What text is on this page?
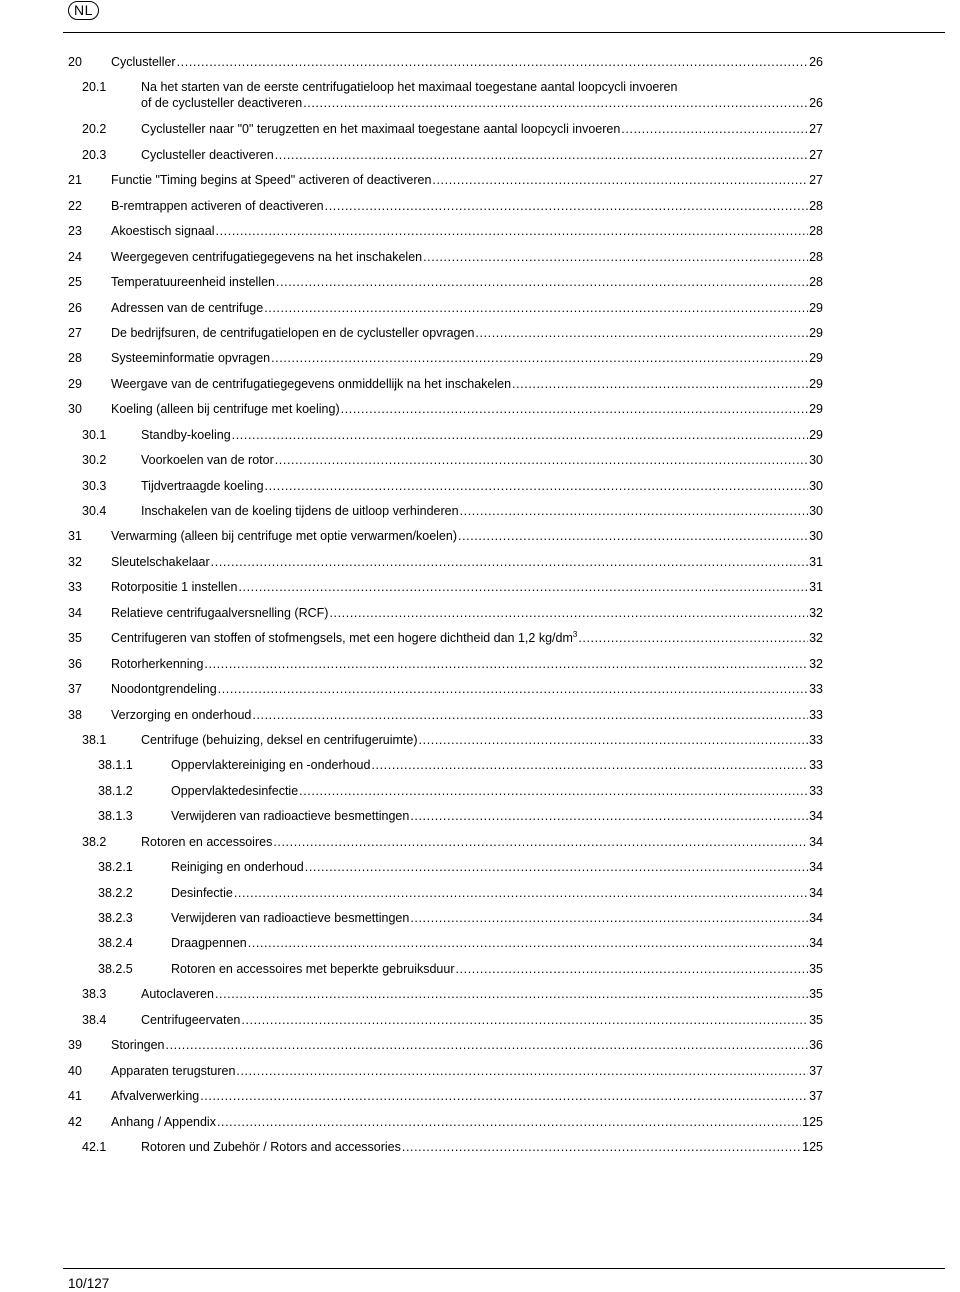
NL
20 Cyclusteller .....	26
20.1	Na het starten van de eerste centrifugatieloop het maximaal toegestane aantal loopcycli invoeren
of de cyclusteller deactiveren .....	26
20.2	Cyclusteller naar "0" terugzetten en het maximaal toegestane aantal loopcycli invoeren .....	27
20.3	Cyclusteller deactiveren .....	27
21 Functie "Timing begins at Speed" activeren of deactiveren .....	27
22 B-remtrappen activeren of deactiveren .....	28
23 Akoestisch signaal .....	28
24 Weergegeven centrifugatiegegevens na het inschakelen .....	28
25 Temperatuureenheid instellen .....	28
26 Adressen van de centrifuge .....	29
27 De bedrijfsuren, de centrifugatielopen en de cyclusteller opvragen .....	29
28 Systeeminformatie opvragen .....	29
29 Weergave van de centrifugatiegegevens onmiddellijk na het inschakelen .....	29
30 Koeling (alleen bij centrifuge met koeling) .....	29
30.1	Standby-koeling .....	29
30.2	Voorkoelen van de rotor .....	30
30.3	Tijdvertraagde koeling .....	30
30.4	Inschakelen van de koeling tijdens de uitloop verhinderen .....	30
31 Verwarming (alleen bij centrifuge met optie verwarmen/koelen) .....	30
32 Sleutelschakelaar .....	31
33 Rotorpositie 1 instellen .....	31
34 Relatieve centrifugaalversnelling (RCF) .....	32
35 Centrifugeren van stoffen of stofmengsels, met een hogere dichtheid dan 1,2 $kg/dm^3$ .....	32
36 Rotorherkenning .....	32
37 Noodontgrendeling .....	33
38 Verzorging en onderhoud .....	33
38.1	Centrifuge (behuizing, deksel en centrifugeruimte) .....	33
38.1.1	Oppervlaktereiniging en -onderhoud .....	33
38.1.2	Oppervlaktedesinfectie .....	33
38.1.3	Verwijderen van radioactieve besmettingen .....	34
38.2	Rotoren en accessoires .....	34
38.2.1	Reiniging en onderhoud .....	34
38.2.2	Desinfectie .....	34
38.2.3	Verwijderen van radioactieve besmettingen .....	34
38.2.4	Draagpennen .....	34
38.2.5	Rotoren en accessoires met beperkte gebruiksduur .....	35
38.3	Autoclaveren .....	35
38.4	Centrifugeervaten .....	35
39 Storingen .....	36
40 Apparaten terugsturen .....	37
41 Afvalverwerking .....	37
42 Anhang / Appendix .....	125
42.1	Rotoren und Zubehör / Rotors and accessories .....	125
10/127
